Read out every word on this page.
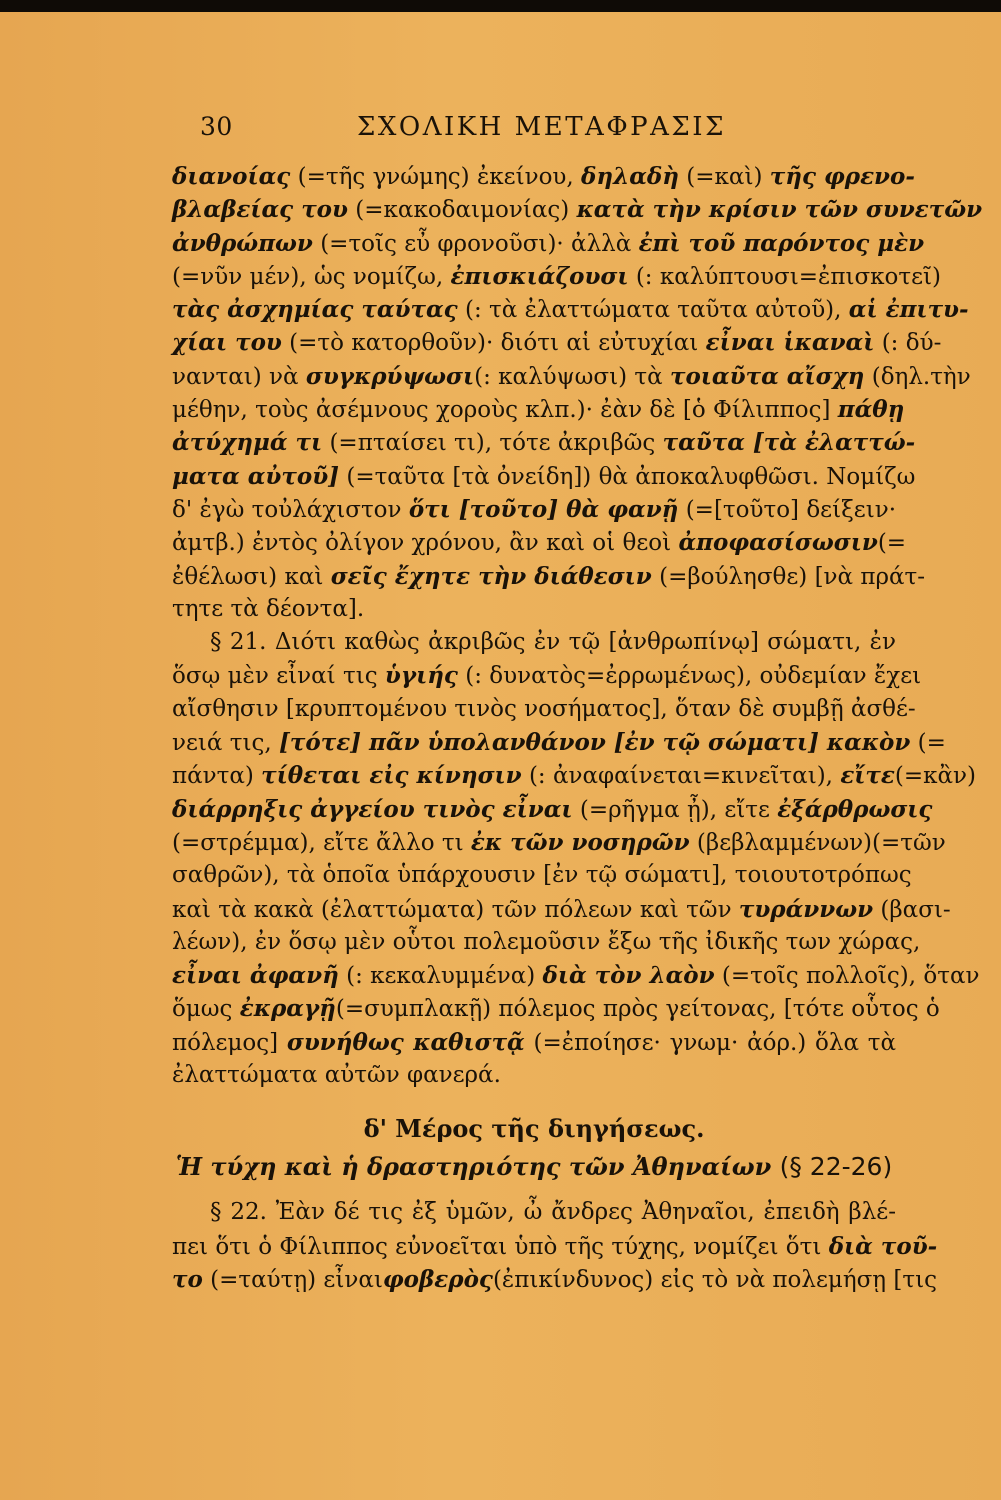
30	ΣΧΟΛΙΚΗ ΜΕΤΑΦΡΑΣΙΣ
διανοίας (=τῆς γνώμης) ἐκείνου, δηλαδὴ (=καὶ) τῆς φρενο-
βλαβείας του (=κακοδαιμονίας) κατὰ τὴν κρίσιν τῶν συνετῶν
ἀνθρώπων (=τοῖς εὖ φρονοῦσι)· ἀλλὰ ἐπὶ τοῦ παρόντος μὲν
(=νῦν μέν), ὡς νομίζω, ἐπισκιάζουσι (: καλύπτουσι=ἐπισκοτεῖ)
τὰς ἀσχημίας ταύτας (: τὰ ἐλαττώματα ταῦτα αὐτοῦ), αἱ ἐπιτυ-
χίαι του (=τὸ κατορθοῦν)· διότι αἱ εὐτυχίαι εἶναι ἱκαναὶ (: δύ-
νανται) νὰ συγκρύψωσι(: καλύψωσι) τὰ τοιαῦτα αἴσχη (δηλ.τὴν
μέθην, τοὺς ἀσέμνους χοροὺς κλπ.)· ἐὰν δὲ [ὁ Φίλιππος] πάθῃ
ἀτύχημά τι (=πταίσει τι), τότε ἀκριβῶς ταῦτα [τὰ ἐλαττώ-
ματα αὐτοῦ] (=ταῦτα [τὰ ὀνείδη]) θὰ ἀποκαλυφθῶσι. Νομίζω
δ' ἐγὼ τοὐλάχιστον ὅτι [τοῦτο] θὰ φανῇ (=[τοῦτο] δείξειν·
ἀμτβ.) ἐντὸς ὀλίγον χρόνου, ἂν καὶ οἱ θεοὶ ἀποφασίσωσιν(=
ἐθέλωσι) καὶ σεῖς ἔχητε τὴν διάθεσιν (=βούλησθε) [νὰ πράτ-
τητε τὰ δέοντα].
§ 21. Διότι καθὼς ἀκριβῶς ἐν τῷ [ἀνθρωπίνῳ] σώματι, ἐν
ὅσῳ μὲν εἶναί τις ὑγιής (: δυνατὸς=ἐρρωμένως), οὐδεμίαν ἔχει
αἴσθησιν [κρυπτομένου τινὸς νοσήματος], ὅταν δὲ συμβῇ ἀσθέ-
νειά τις, [τότε] πᾶν ὑπολανθάνον [ἐν τῷ σώματι] κακὸν (=
πάντα) τίθεται εἰς κίνησιν (: ἀναφαίνεται=κινεῖται), εἴτε(=κἂν)
διάρρηξις ἀγγείου τινὸς εἶναι (=ρῆγμα ᾖ), εἴτε ἐξάρθρωσις
(=στρέμμα), εἴτε ἄλλο τι ἐκ τῶν νοσηρῶν (βεβλαμμένων)(=τῶν
σαθρῶν), τὰ ὁποῖα ὑπάρχουσιν [ἐν τῷ σώματι], τοιουτοτρόπως
καὶ τὰ κακὰ (ἐλαττώματα) τῶν πόλεων καὶ τῶν τυράννων (βασι-
λέων), ἐν ὅσῳ μὲν οὗτοι πολεμοῦσιν ἔξω τῆς ἰδικῆς των χώρας,
εἶναι ἀφανῆ (: κεκαλυμμένα) διὰ τὸν λαὸν (=τοῖς πολλοῖς), ὅταν
ὅμως ἐκραγῇ(=συμπλακῇ) πόλεμος πρὸς γείτονας, [τότε οὗτος ὁ
πόλεμος] συνήθως καθιστᾷ (=ἐποίησε· γνωμ· ἀόρ.) ὅλα τὰ
ἐλαττώματα αὐτῶν φανερά.
δ' Μέρος τῆς διηγήσεως.
Ἡ τύχη καὶ ἡ δραστηριότης τῶν Ἀθηναίων (§ 22-26)
§ 22. Ἐὰν δέ τις ἐξ ὑμῶν, ὦ ἄνδρες Ἀθηναῖοι, ἐπειδὴ βλέ-
πει ὅτι ὁ Φίλιππος εὐνοεῖται ὑπὸ τῆς τύχης, νομίζει ὅτι διὰ τοῦ-
το (=ταύτῃ) εἶναιφοβερὸς(ἐπικίνδυνος) εἰς τὸ νὰ πολεμήσῃ [τις
